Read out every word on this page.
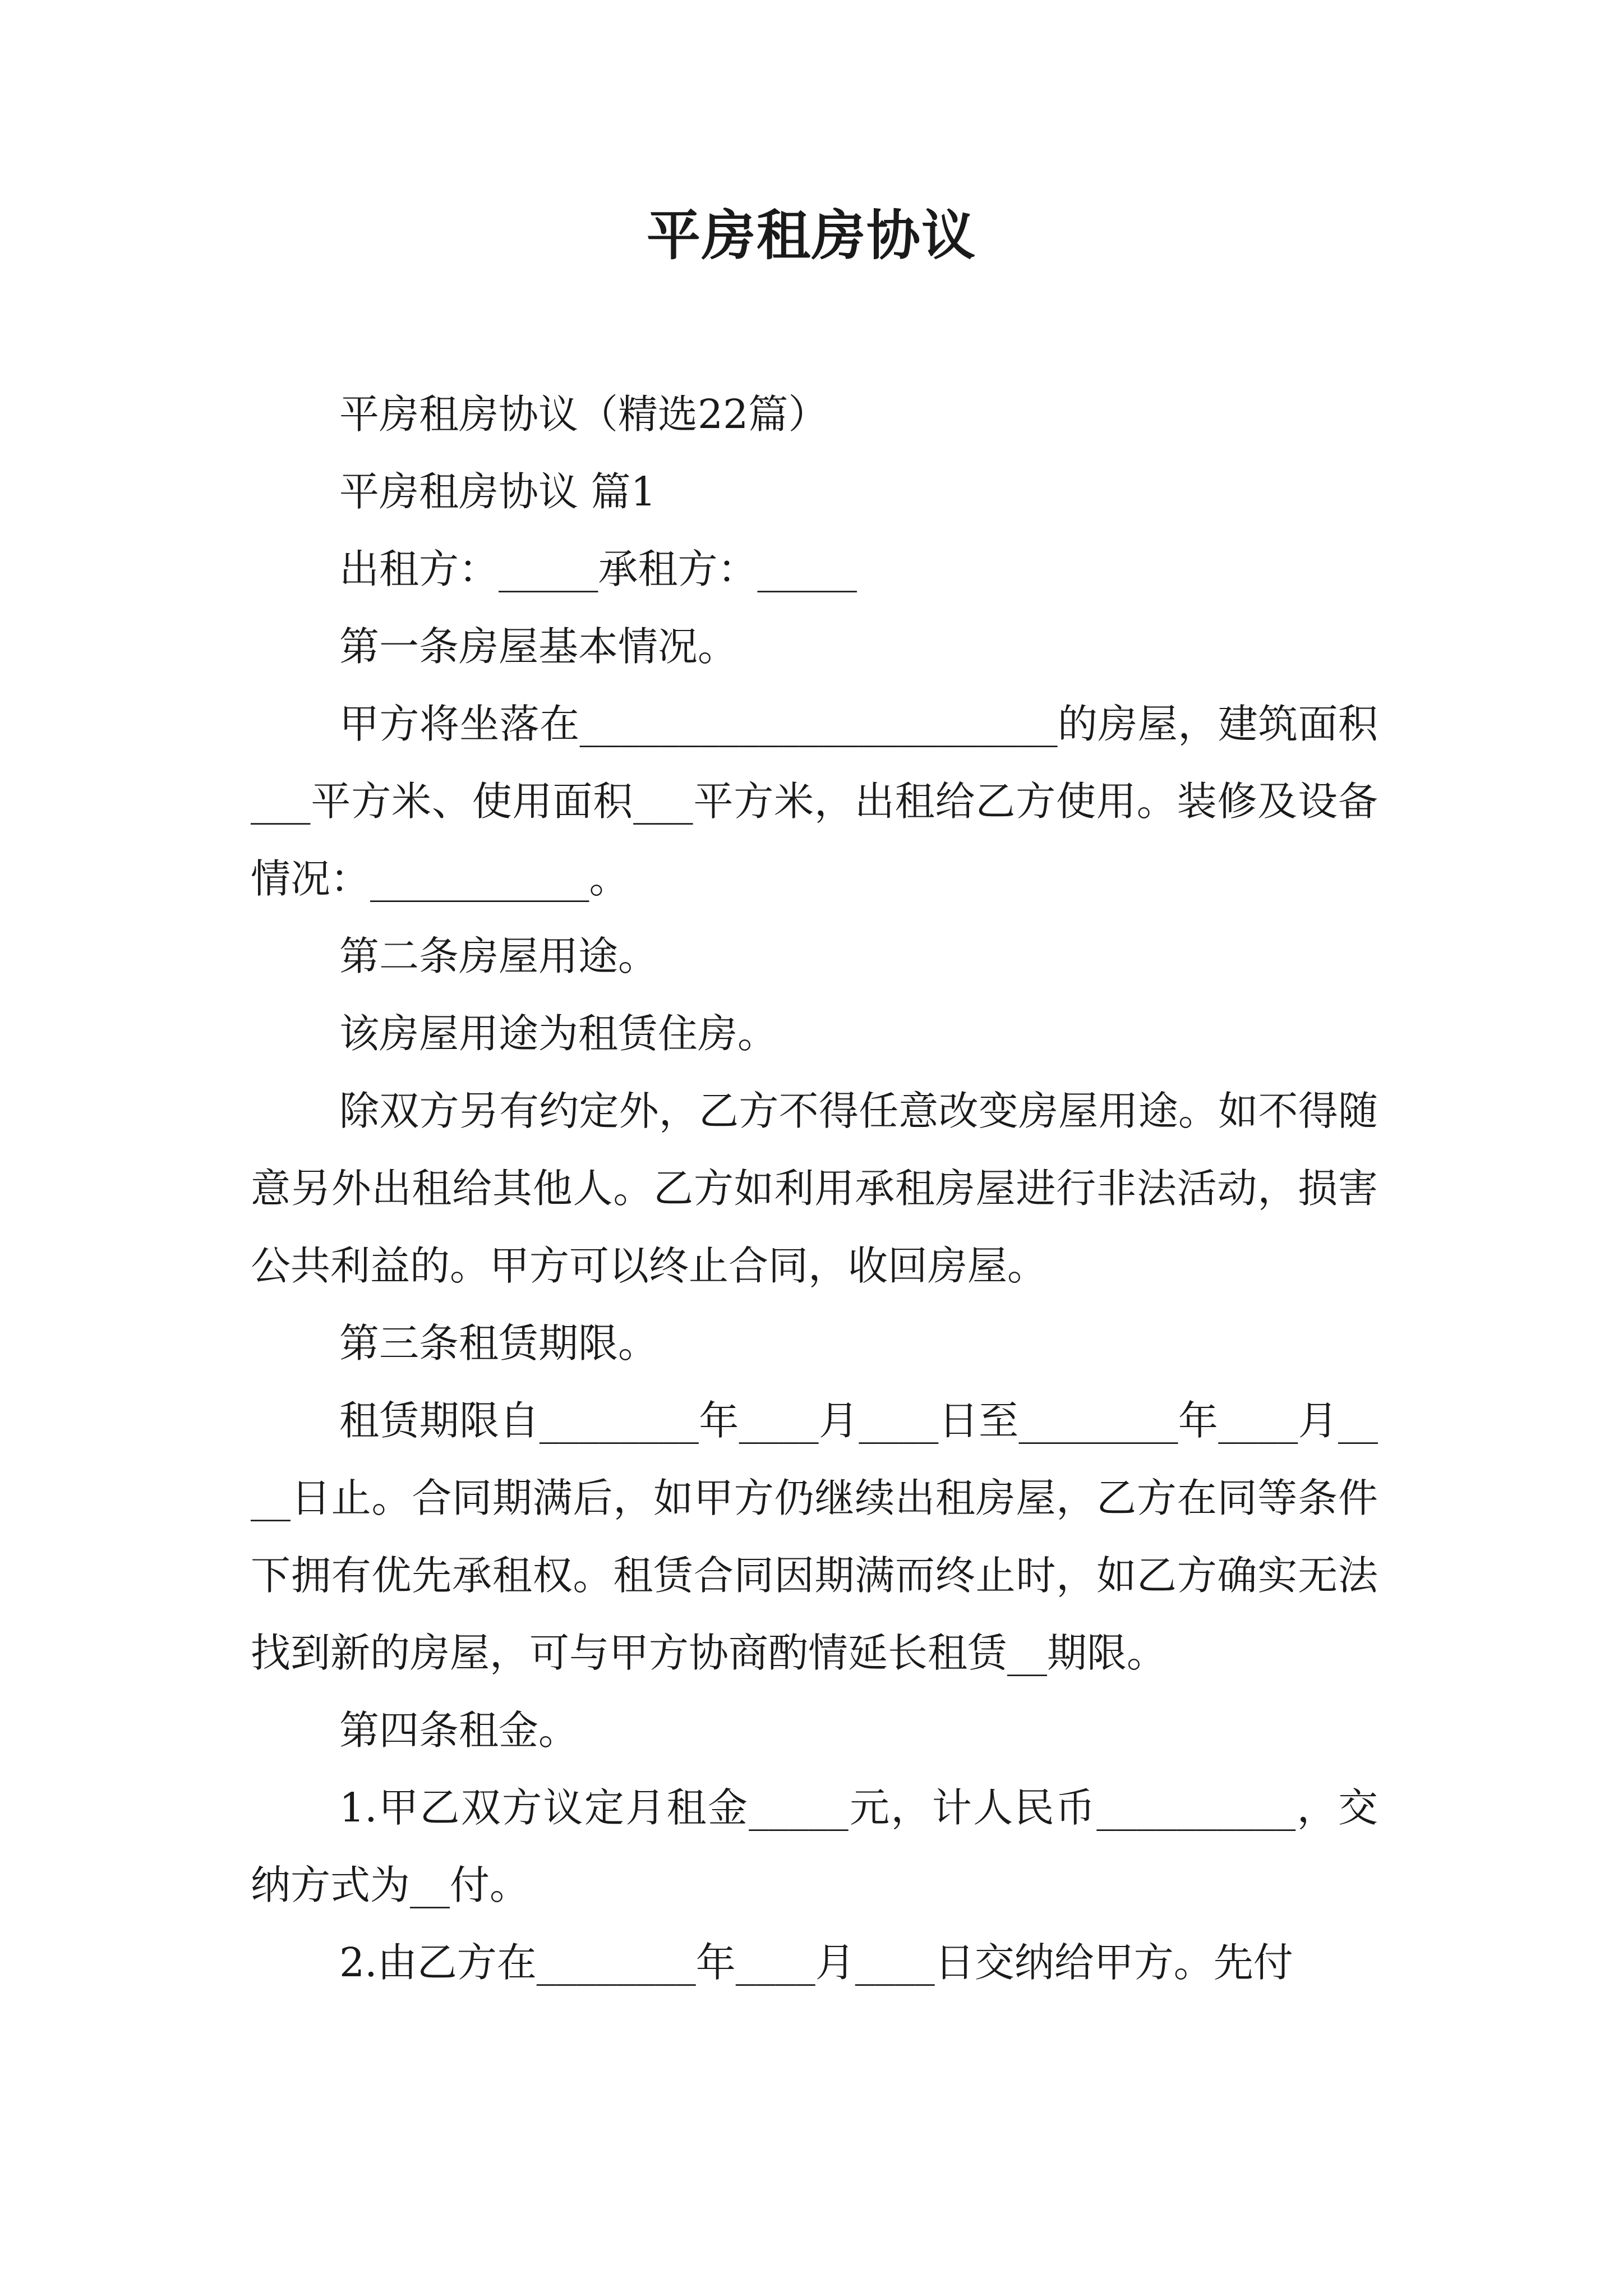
平房租房协议

平房租房协议（精选22篇）

平房租房协议 篇1

出租方：_____承租方：_____

第一条房屋基本情况。

甲方将坐落在________________________的房屋，建筑面积___平方米、使用面积___平方米，出租给乙方使用。装修及设备情况：___________。

第二条房屋用途。

该房屋用途为租赁住房。

除双方另有约定外，乙方不得任意改变房屋用途。如不得随意另外出租给其他人。乙方如利用承租房屋进行非法活动，损害公共利益的。甲方可以终止合同，收回房屋。

第三条租赁期限。

租赁期限自________年____月____日至________年____月____日止。合同期满后，如甲方仍继续出租房屋，乙方在同等条件下拥有优先承租权。租赁合同因期满而终止时，如乙方确实无法找到新的房屋，可与甲方协商酌情延长租赁__期限。

第四条租金。

1.甲乙双方议定月租金_____元，计人民币__________，交纳方式为__付。

2.由乙方在________年____月____日交纳给甲方。先付
